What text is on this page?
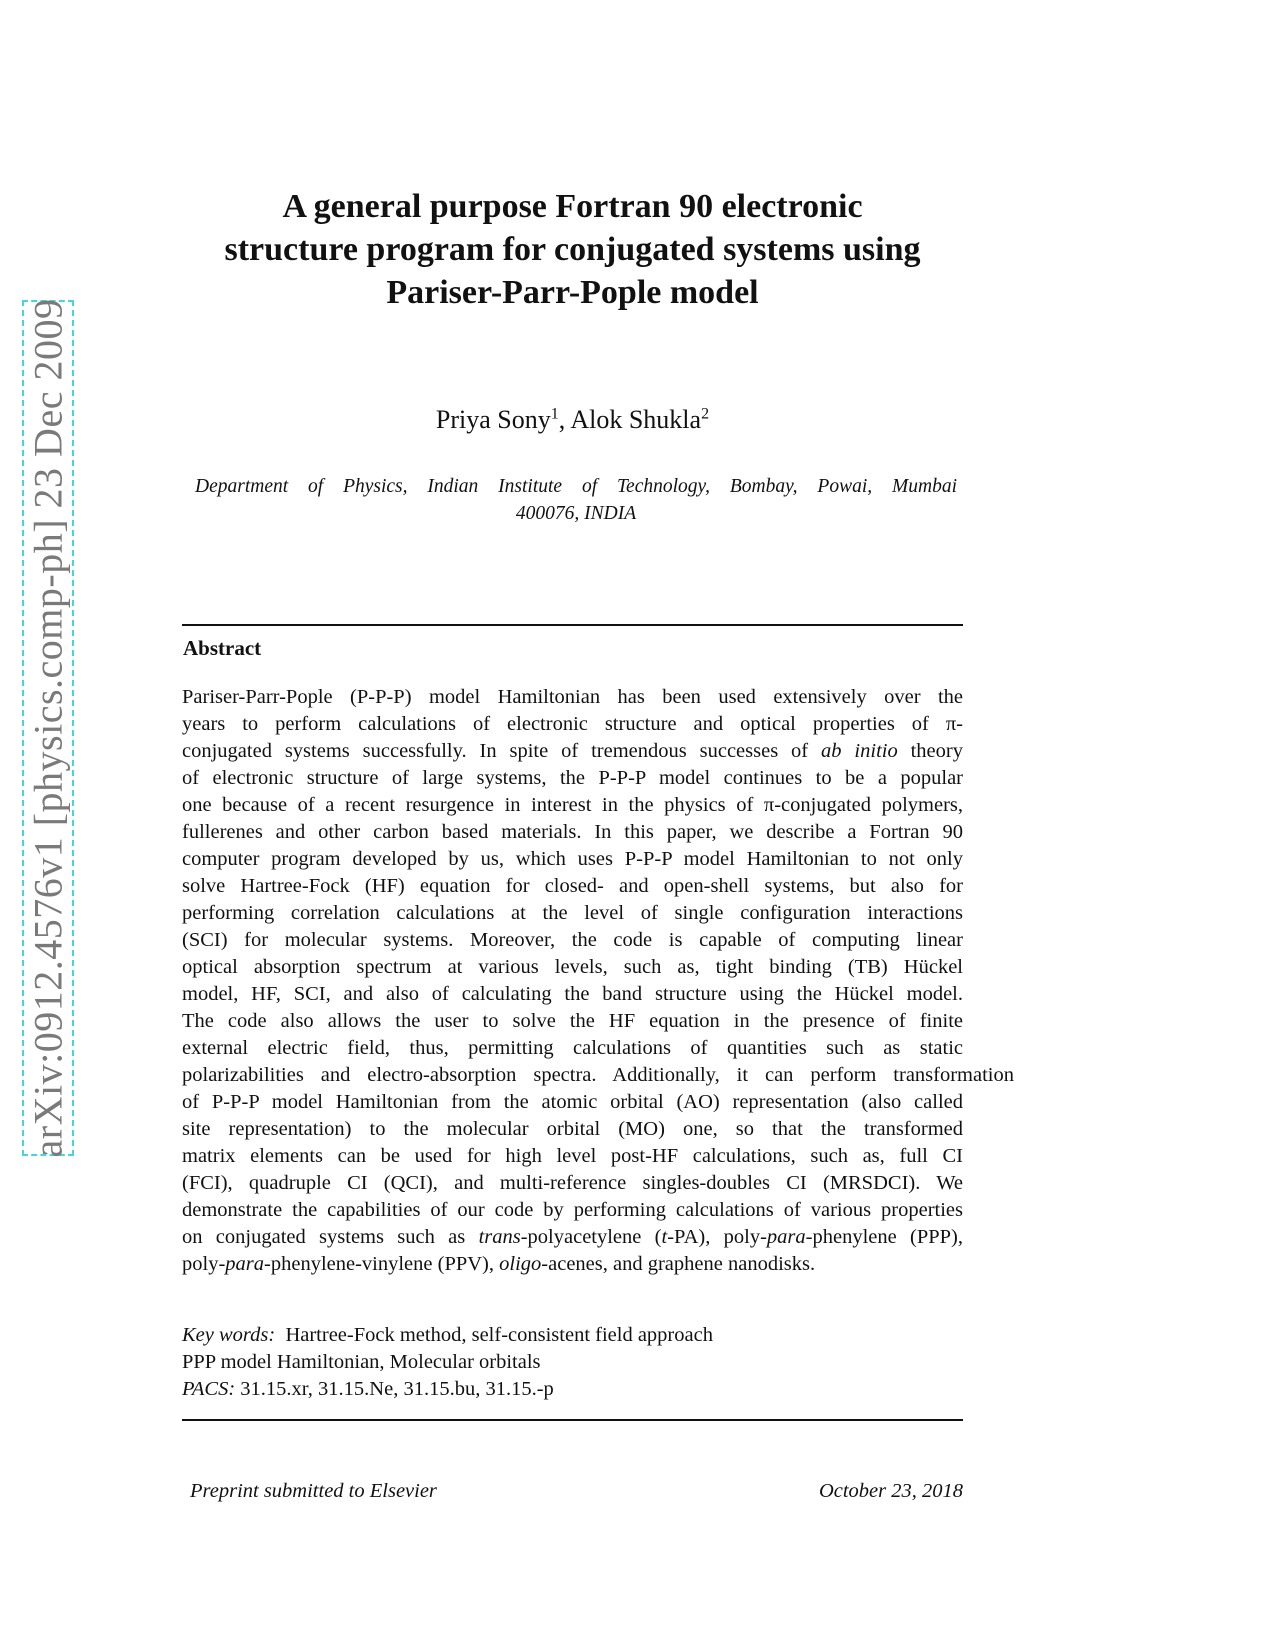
arXiv:0912.4576v1 [physics.comp-ph] 23 Dec 2009
A general purpose Fortran 90 electronic
structure program for conjugated systems using
Pariser-Parr-Pople model
Priya Sony$^1$, Alok Shukla$^2$
Department of Physics, Indian Institute of Technology, Bombay, Powai, Mumbai
400076, INDIA
Abstract
Pariser-Parr-Pople (P-P-P) model Hamiltonian has been used extensively over the
years to perform calculations of electronic structure and optical properties of π-
conjugated systems successfully. In spite of tremendous successes of ab initio theory
of electronic structure of large systems, the P-P-P model continues to be a popular
one because of a recent resurgence in interest in the physics of π-conjugated polymers,
fullerenes and other carbon based materials. In this paper, we describe a Fortran 90
computer program developed by us, which uses P-P-P model Hamiltonian to not only
solve Hartree-Fock (HF) equation for closed- and open-shell systems, but also for
performing correlation calculations at the level of single configuration interactions
(SCI) for molecular systems. Moreover, the code is capable of computing linear
optical absorption spectrum at various levels, such as, tight binding (TB) Hückel
model, HF, SCI, and also of calculating the band structure using the Hückel model.
The code also allows the user to solve the HF equation in the presence of finite
external electric field, thus, permitting calculations of quantities such as static
polarizabilities and electro-absorption spectra. Additionally, it can perform transformation
of P-P-P model Hamiltonian from the atomic orbital (AO) representation (also called
site representation) to the molecular orbital (MO) one, so that the transformed
matrix elements can be used for high level post-HF calculations, such as, full CI
(FCI), quadruple CI (QCI), and multi-reference singles-doubles CI (MRSDCI). We
demonstrate the capabilities of our code by performing calculations of various properties
on conjugated systems such as trans-polyacetylene (t-PA), poly-para-phenylene (PPP),
poly-para-phenylene-vinylene (PPV), oligo-acenes, and graphene nanodisks.
Key words: Hartree-Fock method, self-consistent field approach
PPP model Hamiltonian, Molecular orbitals
PACS: 31.15.xr, 31.15.Ne, 31.15.bu, 31.15.-p
Preprint submitted to Elsevier	October 23, 2018
